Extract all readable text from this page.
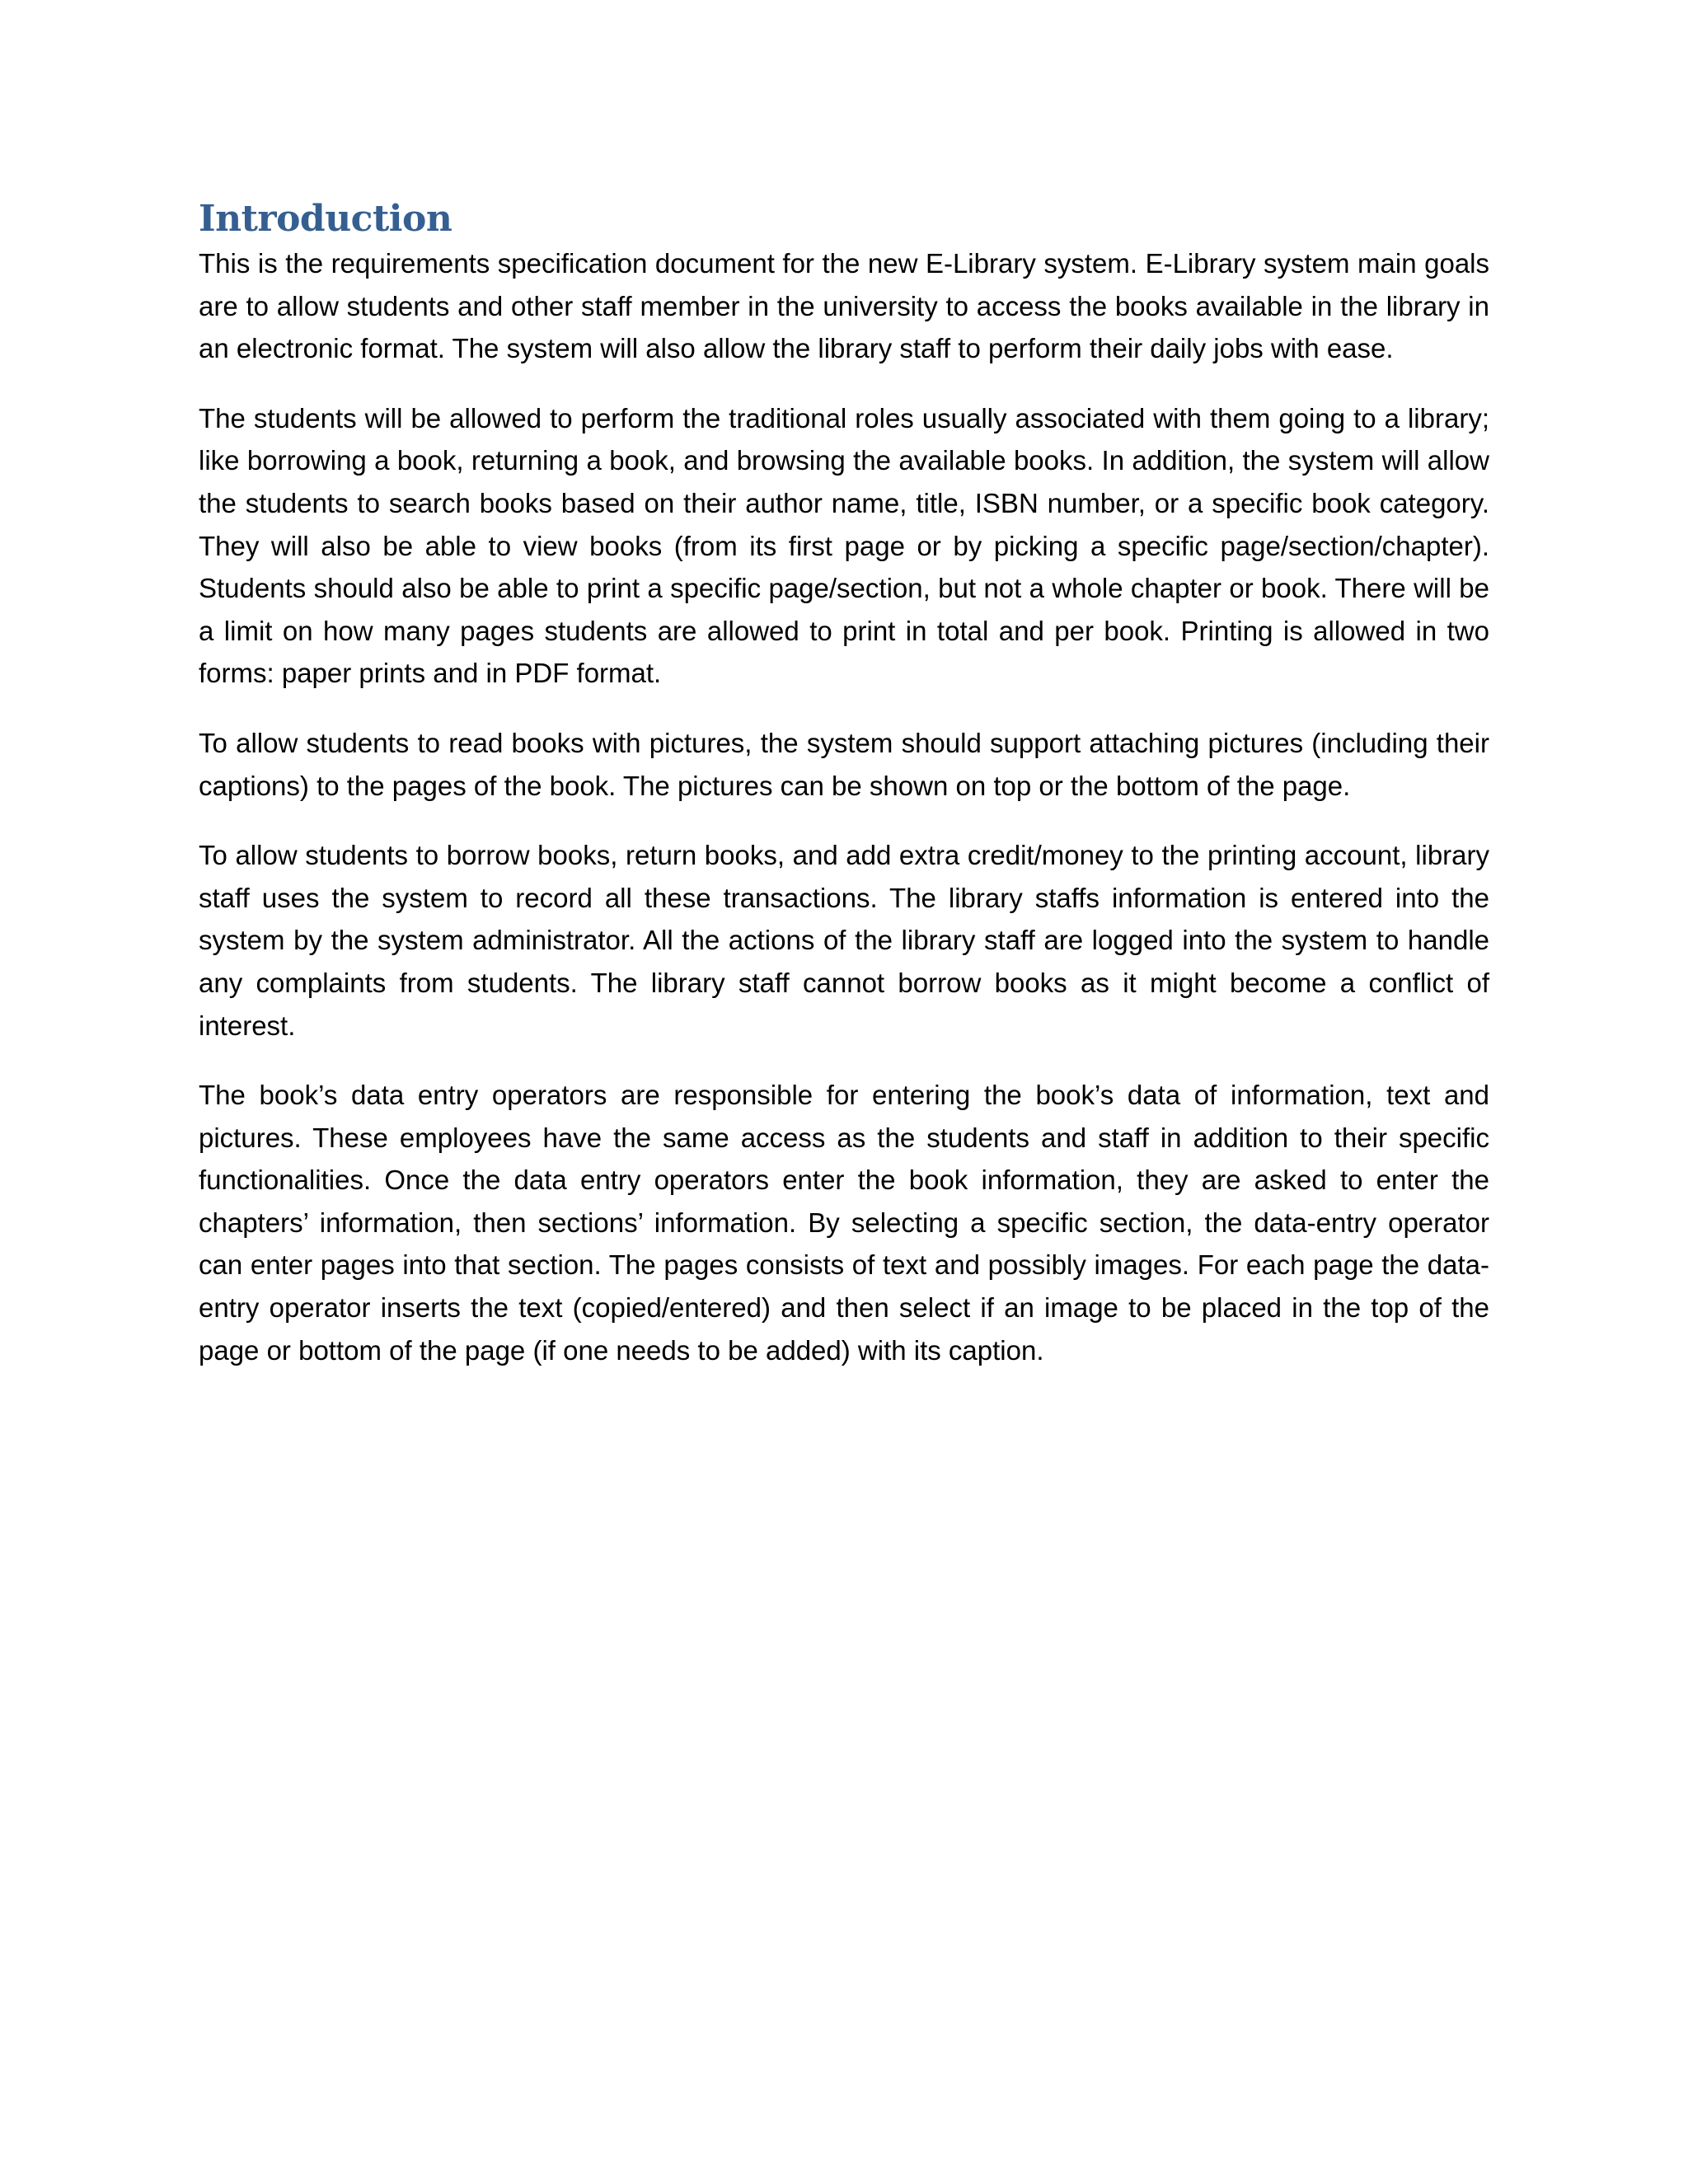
Introduction

This is the requirements specification document for the new E-Library system. E-Library system main goals are to allow students and other staff member in the university to access the books available in the library in an electronic format. The system will also allow the library staff to perform their daily jobs with ease.

The students will be allowed to perform the traditional roles usually associated with them going to a library; like borrowing a book, returning a book, and browsing the available books. In addition, the system will allow the students to search books based on their author name, title, ISBN number, or a specific book category. They will also be able to view books (from its first page or by picking a specific page/section/chapter). Students should also be able to print a specific page/section, but not a whole chapter or book. There will be a limit on how many pages students are allowed to print in total and per book. Printing is allowed in two forms: paper prints and in PDF format.

To allow students to read books with pictures, the system should support attaching pictures (including their captions) to the pages of the book. The pictures can be shown on top or the bottom of the page.

To allow students to borrow books, return books, and add extra credit/money to the printing account, library staff uses the system to record all these transactions. The library staffs information is entered into the system by the system administrator. All the actions of the library staff are logged into the system to handle any complaints from students. The library staff cannot borrow books as it might become a conflict of interest.

The book’s data entry operators are responsible for entering the book’s data of information, text and pictures. These employees have the same access as the students and staff in addition to their specific functionalities. Once the data entry operators enter the book information, they are asked to enter the chapters’ information, then sections’ information. By selecting a specific section, the data-entry operator can enter pages into that section. The pages consists of text and possibly images. For each page the data-entry operator inserts the text (copied/entered) and then select if an image to be placed in the top of the page or bottom of the page (if one needs to be added) with its caption.
